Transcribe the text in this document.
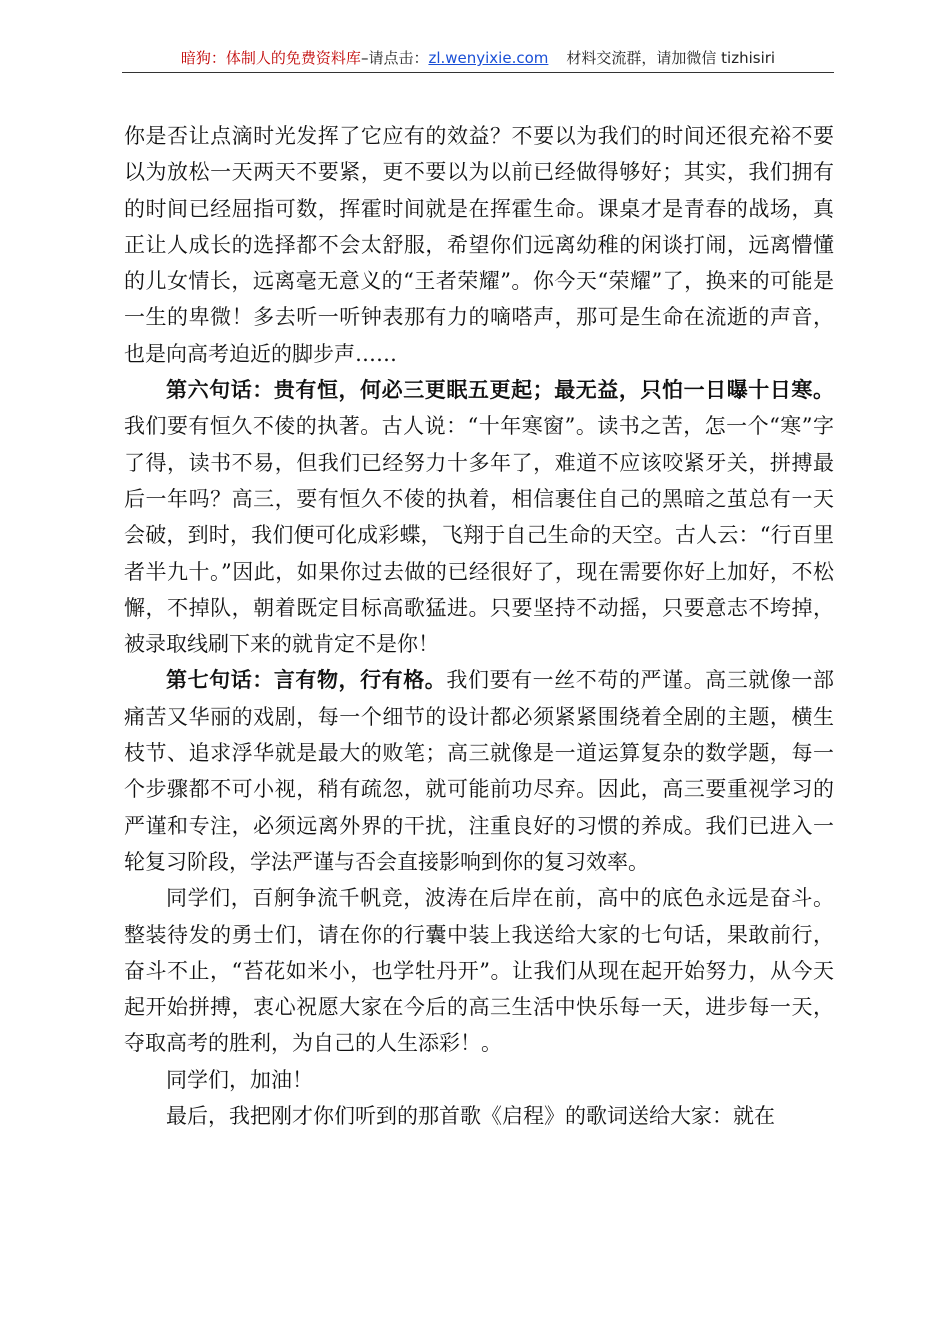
暗狗：体制人的免费资料库–请点击：zl.wenyixie.com 材料交流群，请加微信 tizhisiri

你是否让点滴时光发挥了它应有的效益？不要以为我们的时间还很充裕不要以为放松一天两天不要紧，更不要以为以前已经做得够好；其实，我们拥有的时间已经屈指可数，挥霍时间就是在挥霍生命。课桌才是青春的战场，真正让人成长的选择都不会太舒服，希望你们远离幼稚的闲谈打闹，远离懵懂的儿女情长，远离毫无意义的“王者荣耀”。你今天“荣耀”了，换来的可能是一生的卑微！多去听一听钟表那有力的嘀嗒声，那可是生命在流逝的声音，也是向高考迫近的脚步声……

第六句话：贵有恒，何必三更眠五更起；最无益，只怕一日曝十日寒。我们要有恒久不倰的执著。古人说：“十年寒窗”。读书之苦，怎一个“寒”字了得，读书不易，但我们已经努力十多年了，难道不应该咬紧牙关，拼搏最后一年吗？高三，要有恒久不倰的执着，相信裹住自己的黑暗之茧总有一天会破，到时，我们便可化成彩蝶，飞翔于自己生命的天空。古人云：“行百里者半九十。”因此，如果你过去做的已经很好了，现在需要你好上加好，不松懈，不掉队，朝着既定目标高歌猛进。只要坚持不动摇，只要意志不垮掉，被录取线刷下来的就肯定不是你！

第七句话：言有物，行有格。我们要有一丝不苟的严谨。高三就像一部痛苦又华丽的戏剧，每一个细节的设计都必须紧紧围绕着全剧的主题，横生枝节、追求浮华就是最大的败笔；高三就像是一道运算复杂的数学题，每一个步骤都不可小视，稍有疏忽，就可能前功尽弃。因此，高三要重视学习的严谨和专注，必须远离外界的干扰，注重良好的习惯的养成。我们已进入一轮复习阶段，学法严谨与否会直接影响到你的复习效率。

同学们，百舸争流千帆竞，波涛在后岸在前，高中的底色永远是奋斗。整装待发的勇士们，请在你的行囊中装上我送给大家的七句话，果敢前行，奋斗不止，“苔花如米小，也学牡丹开”。让我们从现在起开始努力，从今天起开始拼搏，衷心祝愿大家在今后的高三生活中快乐每一天，进步每一天，夺取高考的胜利，为自己的人生添彩！。

同学们，加油！

最后，我把刚才你们听到的那首歌《启程》的歌词送给大家：就在
